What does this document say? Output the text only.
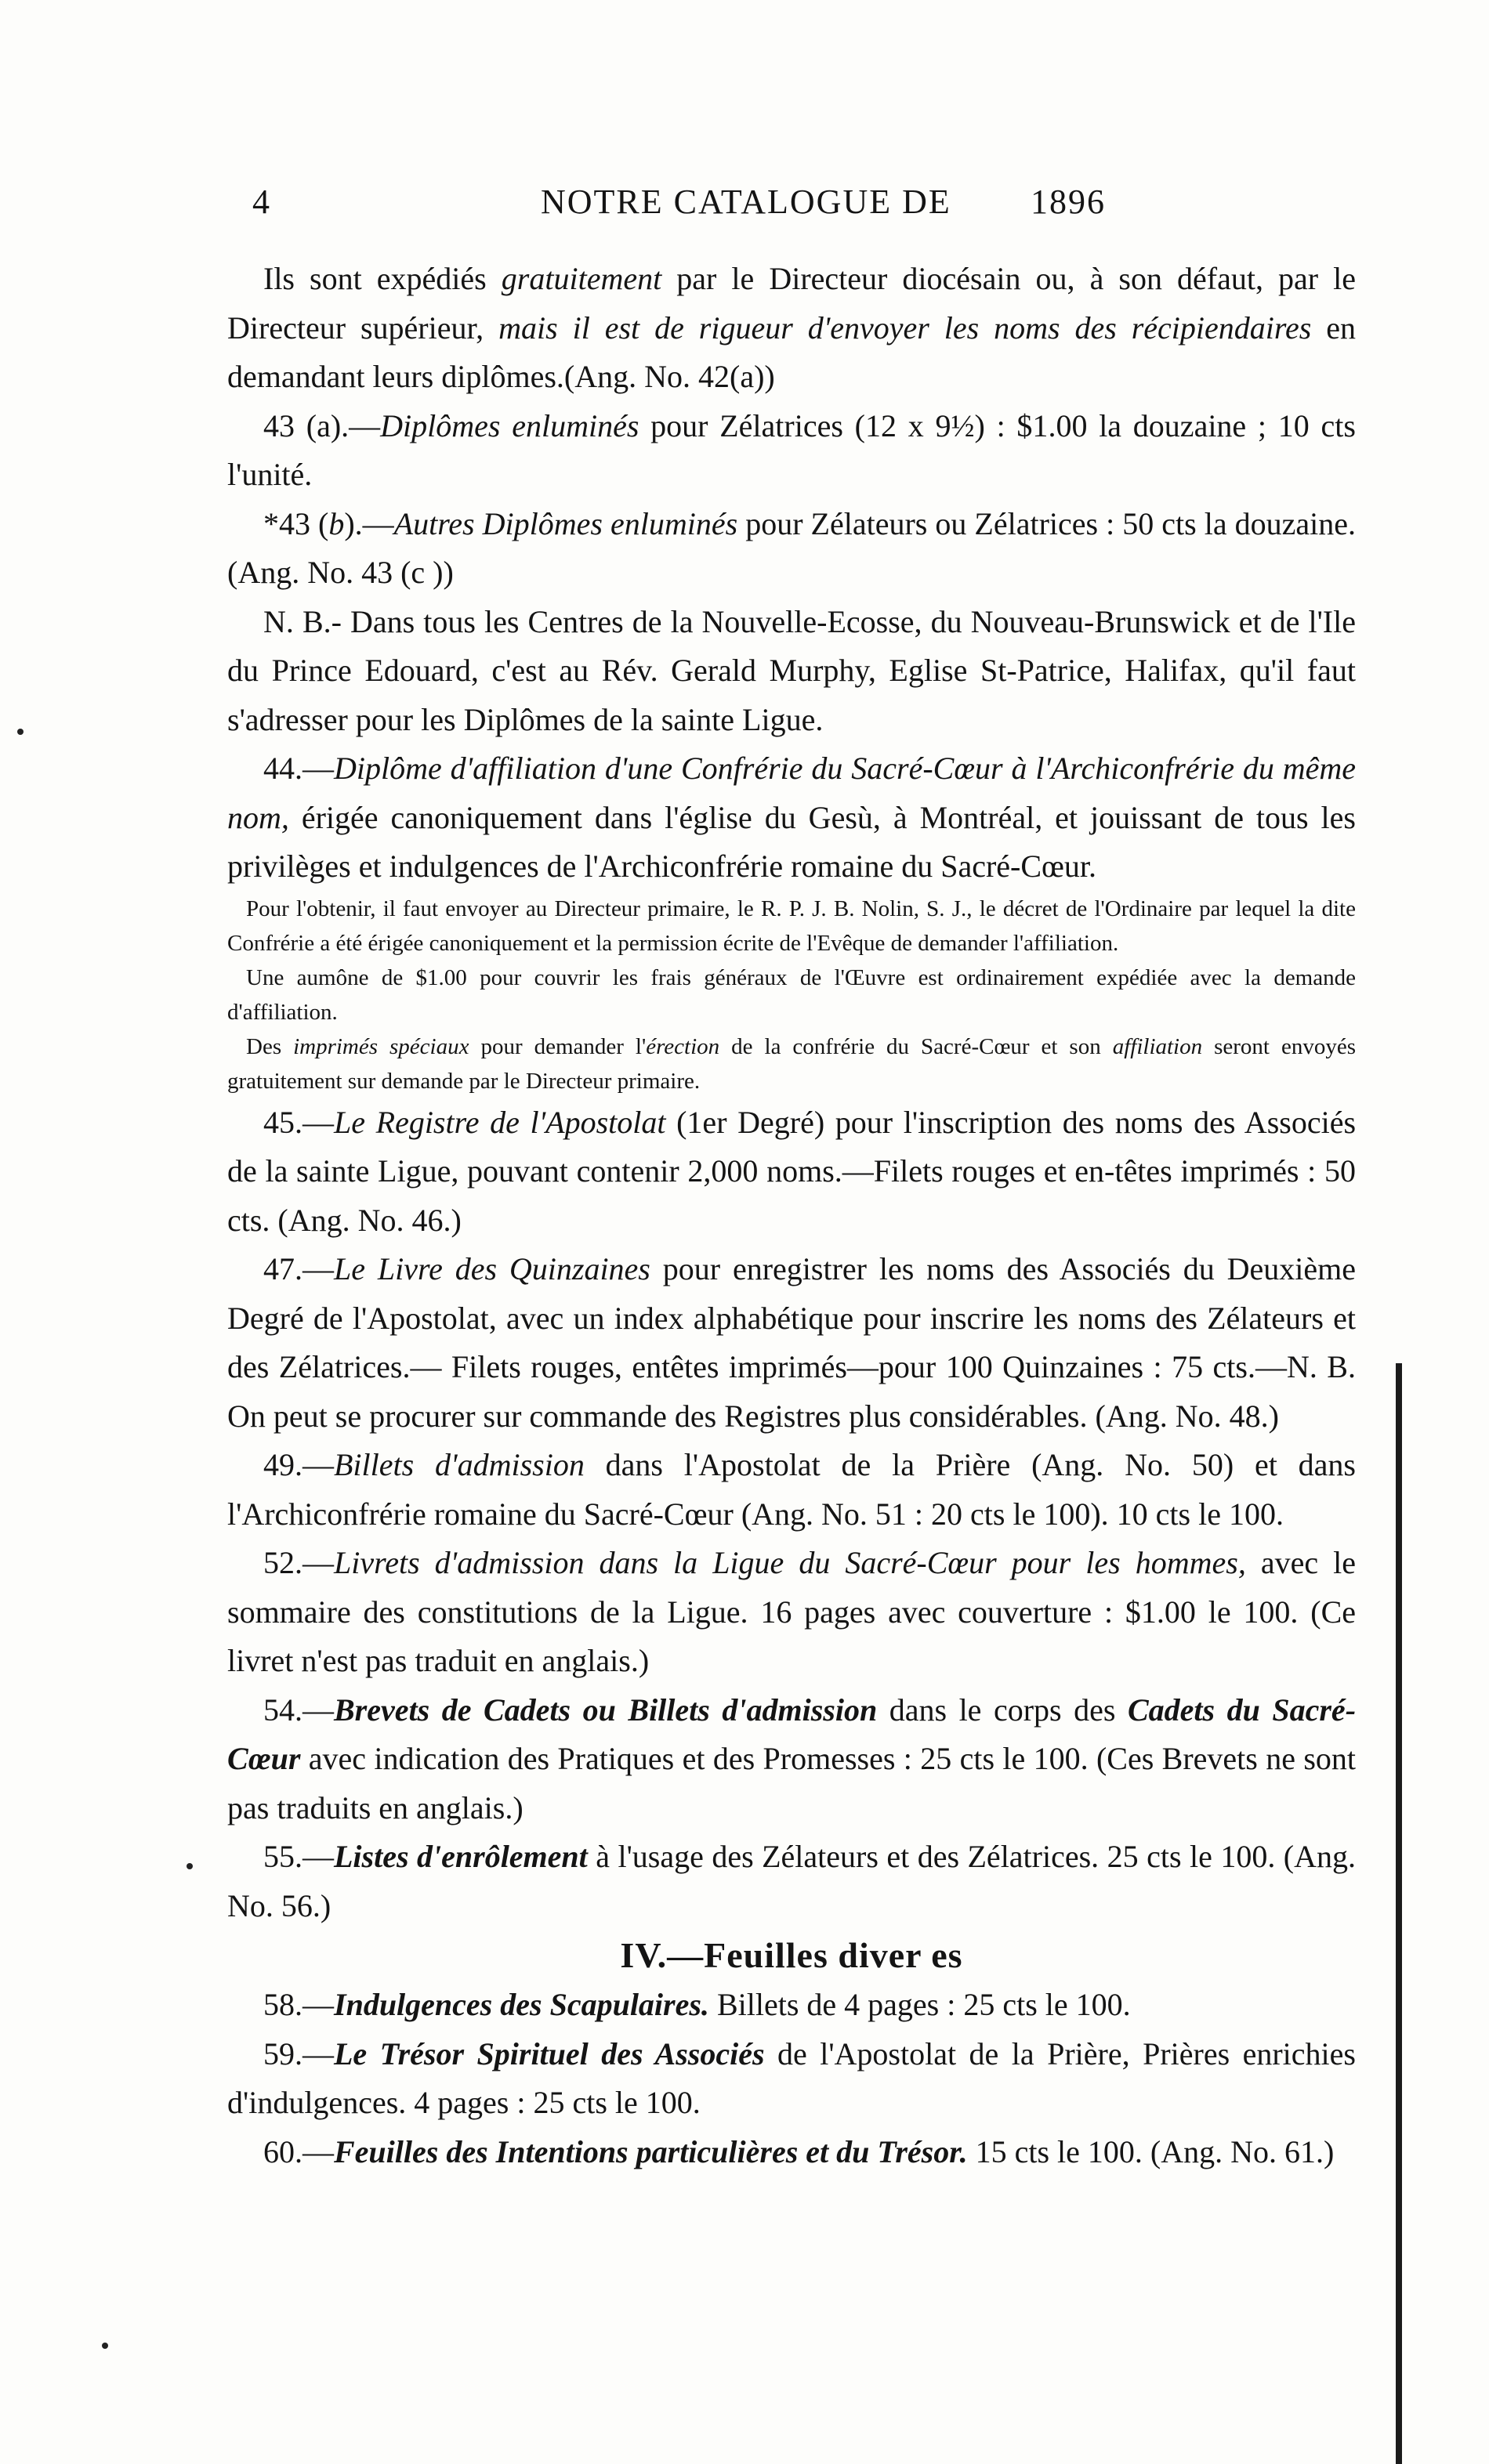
4	NOTRE CATALOGUE DE 1896

Ils sont expédiés gratuitement par le Directeur diocésain ou, à son défaut, par le Directeur supérieur, mais il est de rigueur d'envoyer les noms des récipiendaires en demandant leurs diplômes.(Ang. No. 42(a))

43 (a).—Diplômes enluminés pour Zélatrices (12 x 9½) : $1.00 la douzaine ; 10 cts l'unité.

*43 (b).—Autres Diplômes enluminés pour Zélateurs ou Zélatrices : 50 cts la douzaine. (Ang. No. 43 (c ))

N. B.- Dans tous les Centres de la Nouvelle-Ecosse, du Nouveau-Brunswick et de l'Ile du Prince Edouard, c'est au Rév. Gerald Murphy, Eglise St-Patrice, Halifax, qu'il faut s'adresser pour les Diplômes de la sainte Ligue.

44.—Diplôme d'affiliation d'une Confrérie du Sacré-Cœur à l'Archiconfrérie du même nom, érigée canoniquement dans l'église du Gesù, à Montréal, et jouissant de tous les privilèges et indulgences de l'Archiconfrérie romaine du Sacré-Cœur.

Pour l'obtenir, il faut envoyer au Directeur primaire, le R. P. J. B. Nolin, S. J., le décret de l'Ordinaire par lequel la dite Confrérie a été érigée canoniquement et la permission écrite de l'Evêque de demander l'affiliation.

Une aumône de $1.00 pour couvrir les frais généraux de l'Œuvre est ordinairement expédiée avec la demande d'affiliation.

Des imprimés spéciaux pour demander l'érection de la confrérie du Sacré-Cœur et son affiliation seront envoyés gratuitement sur demande par le Directeur primaire.

45.—Le Registre de l'Apostolat (1er Degré) pour l'inscription des noms des Associés de la sainte Ligue, pouvant contenir 2,000 noms.—Filets rouges et en-têtes imprimés : 50 cts. (Ang. No. 46.)

47.—Le Livre des Quinzaines pour enregistrer les noms des Associés du Deuxième Degré de l'Apostolat, avec un index alphabétique pour inscrire les noms des Zélateurs et des Zélatrices.— Filets rouges, entêtes imprimés—pour 100 Quinzaines : 75 cts.—N. B. On peut se procurer sur commande des Registres plus considérables. (Ang. No. 48.)

49.—Billets d'admission dans l'Apostolat de la Prière (Ang. No. 50) et dans l'Archiconfrérie romaine du Sacré-Cœur (Ang. No. 51 : 20 cts le 100). 10 cts le 100.

52.—Livrets d'admission dans la Ligue du Sacré-Cœur pour les hommes, avec le sommaire des constitutions de la Ligue. 16 pages avec couverture : $1.00 le 100. (Ce livret n'est pas traduit en anglais.)

54.—Brevets de Cadets ou Billets d'admission dans le corps des Cadets du Sacré-Cœur avec indication des Pratiques et des Promesses : 25 cts le 100. (Ces Brevets ne sont pas traduits en anglais.)

55.—Listes d'enrôlement à l'usage des Zélateurs et des Zélatrices. 25 cts le 100. (Ang. No. 56.)

IV.—Feuilles diver es

58.—Indulgences des Scapulaires. Billets de 4 pages : 25 cts le 100.

59.—Le Trésor Spirituel des Associés de l'Apostolat de la Prière, Prières enrichies d'indulgences. 4 pages : 25 cts le 100.

60.—Feuilles des Intentions particulières et du Trésor. 15 cts le 100. (Ang. No. 61.)
